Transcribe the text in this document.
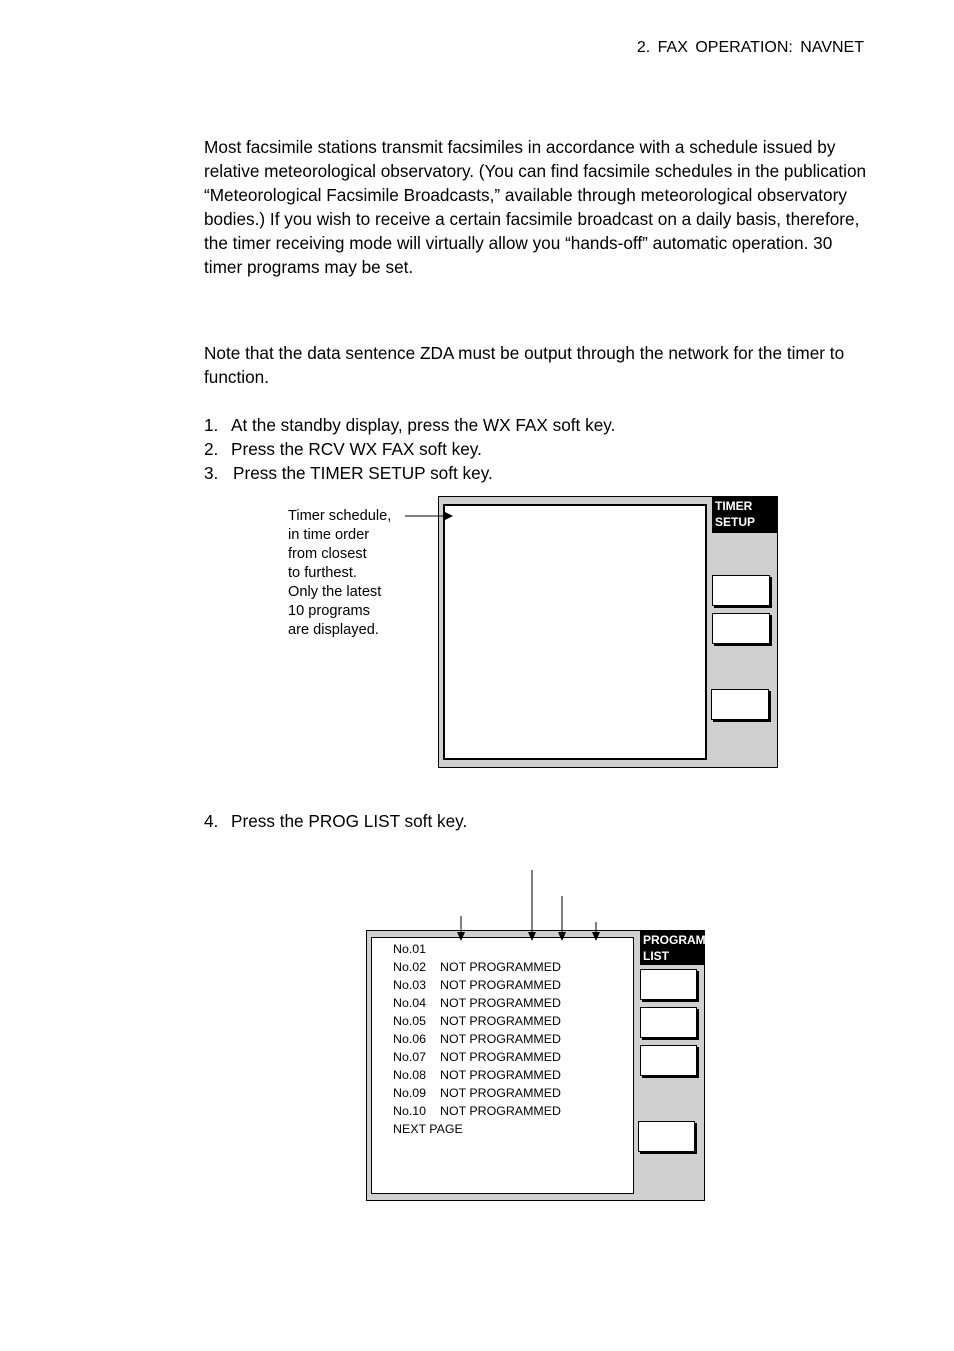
2. FAX OPERATION: NAVNET
Most facsimile stations transmit facsimiles in accordance with a schedule issued by relative meteorological observatory. (You can find facsimile schedules in the publication “Meteorological Facsimile Broadcasts,” available through meteorological observatory bodies.) If you wish to receive a certain facsimile broadcast on a daily basis, therefore, the timer receiving mode will virtually allow you “hands-off” automatic operation. 30 timer programs may be set.
Note that the data sentence ZDA must be output through the network for the timer to function.
1. At the standby display, press the WX FAX soft key.
2. Press the RCV WX FAX soft key.
3. Press the TIMER SETUP soft key.
4. Press the PROG LIST soft key.
Timer schedule,
in time order
from closest
to furthest.
Only the latest
10 programs
are displayed.
TIMER
SETUP
PROGRAM
LIST
No.01
No.02 NOT PROGRAMMED
No.03 NOT PROGRAMMED
No.04 NOT PROGRAMMED
No.05 NOT PROGRAMMED
No.06 NOT PROGRAMMED
No.07 NOT PROGRAMMED
No.08 NOT PROGRAMMED
No.09 NOT PROGRAMMED
No.10 NOT PROGRAMMED
NEXT PAGE
